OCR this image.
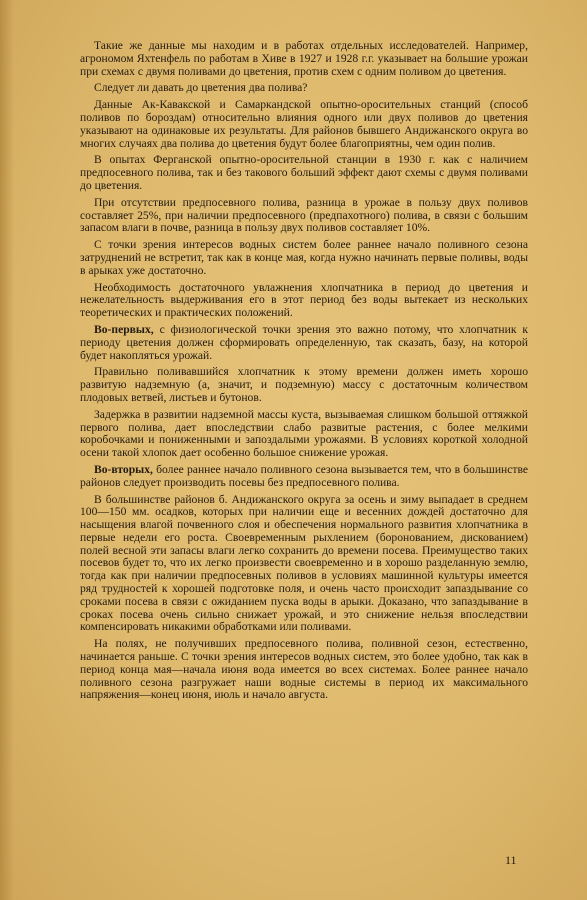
Такие же данные мы находим и в работах отдельных исследователей. Например, агрономом Яхтенфель по работам в Хиве в 1927 и 1928 г.г. указывает на большие урожаи при схемах с двумя поливами до цветения, против схем с одним поливом до цветения.

Следует ли давать до цветения два полива?

Данные Ак-Кавакской и Самаркандской опытно-оросительных станций (способ поливов по бороздам) относительно влияния одного или двух поливов до цветения указывают на одинаковые их результаты. Для районов бывшего Андижанского округа во многих случаях два полива до цветения будут более благоприятны, чем один полив.

В опытах Ферганской опытно-оросительной станции в 1930 г. как с наличием предпосевного полива, так и без такового больший эффект дают схемы с двумя поливами до цветения.

При отсутствии предпосевного полива, разница в урожае в пользу двух поливов составляет 25%, при наличии предпосевного (предпахотного) полива, в связи с большим запасом влаги в почве, разница в пользу двух поливов составляет 10%.

С точки зрения интересов водных систем более раннее начало поливного сезона затруднений не встретит, так как в конце мая, когда нужно начинать первые поливы, воды в арыках уже достаточно.

Необходимость достаточного увлажнения хлопчатника в период до цветения и нежелательность выдерживания его в этот период без воды вытекает из нескольких теоретических и практических положений.

Во-первых, с физиологической точки зрения это важно потому, что хлопчатник к периоду цветения должен сформировать определенную, так сказать, базу, на которой будет накопляться урожай.

Правильно поливавшийся хлопчатник к этому времени должен иметь хорошо развитую надземную (а, значит, и подземную) массу с достаточным количеством плодовых ветвей, листьев и бутонов.

Задержка в развитии надземной массы куста, вызываемая слишком большой оттяжкой первого полива, дает впоследствии слабо развитые растения, с более мелкими коробочками и пониженными и запоздалыми урожаями. В условиях короткой холодной осени такой хлопок дает особенно большое снижение урожая.

Во-вторых, более раннее начало поливного сезона вызывается тем, что в большинстве районов следует производить посевы без предпосевного полива.

В большинстве районов б. Андижанского округа за осень и зиму выпадает в среднем 100—150 мм. осадков, которых при наличии еще и весенних дождей достаточно для насыщения влагой почвенного слоя и обеспечения нормального развития хлопчатника в первые недели его роста. Своевременным рыхлением (боронованием, дискованием) полей весной эти запасы влаги легко сохранить до времени посева. Преимущество таких посевов будет то, что их легко произвести своевременно и в хорошо разделанную землю, тогда как при наличии предпосевных поливов в условиях машинной культуры имеется ряд трудностей к хорошей подготовке поля, и очень часто происходит запаздывание со сроками посева в связи с ожиданием пуска воды в арыки. Доказано, что запаздывание в сроках посева очень сильно снижает урожай, и это снижение нельзя впоследствии компенсировать никакими обработками или поливами.

На полях, не получивших предпосевного полива, поливной сезон, естественно, начинается раньше. С точки зрения интересов водных систем, это более удобно, так как в период конца мая—начала июня вода имеется во всех системах. Более раннее начало поливного сезона разгружает наши водные системы в период их максимального напряжения—конец июня, июль и начало августа.

11
